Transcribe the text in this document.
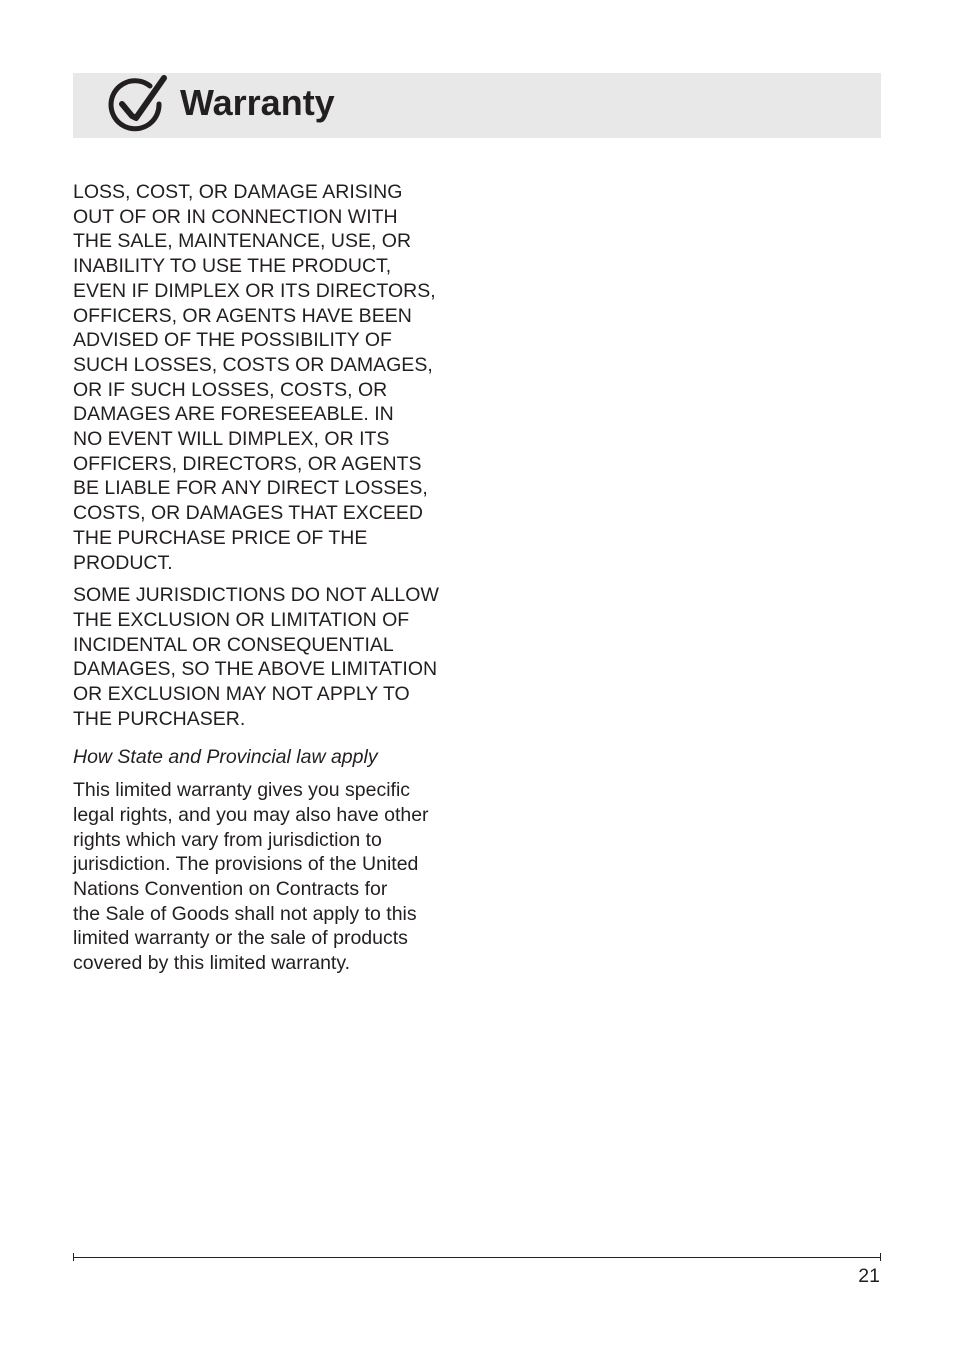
Warranty

LOSS, COST, OR DAMAGE ARISING
OUT OF OR IN CONNECTION WITH
THE SALE, MAINTENANCE, USE, OR
INABILITY TO USE THE PRODUCT,
EVEN IF DIMPLEX OR ITS DIRECTORS,
OFFICERS, OR AGENTS HAVE BEEN
ADVISED OF THE POSSIBILITY OF
SUCH LOSSES, COSTS OR DAMAGES,
OR IF SUCH LOSSES, COSTS, OR
DAMAGES ARE FORESEEABLE. IN
NO EVENT WILL DIMPLEX, OR ITS
OFFICERS, DIRECTORS, OR AGENTS
BE LIABLE FOR ANY DIRECT LOSSES,
COSTS, OR DAMAGES THAT EXCEED
THE PURCHASE PRICE OF THE
PRODUCT.

SOME JURISDICTIONS DO NOT ALLOW
THE EXCLUSION OR LIMITATION OF
INCIDENTAL OR CONSEQUENTIAL
DAMAGES, SO THE ABOVE LIMITATION
OR EXCLUSION MAY NOT APPLY TO
THE PURCHASER.

How State and Provincial law apply

This limited warranty gives you specific
legal rights, and you may also have other
rights which vary from jurisdiction to
jurisdiction. The provisions of the United
Nations Convention on Contracts for
the Sale of Goods shall not apply to this
limited warranty or the sale of products
covered by this limited warranty.

21
